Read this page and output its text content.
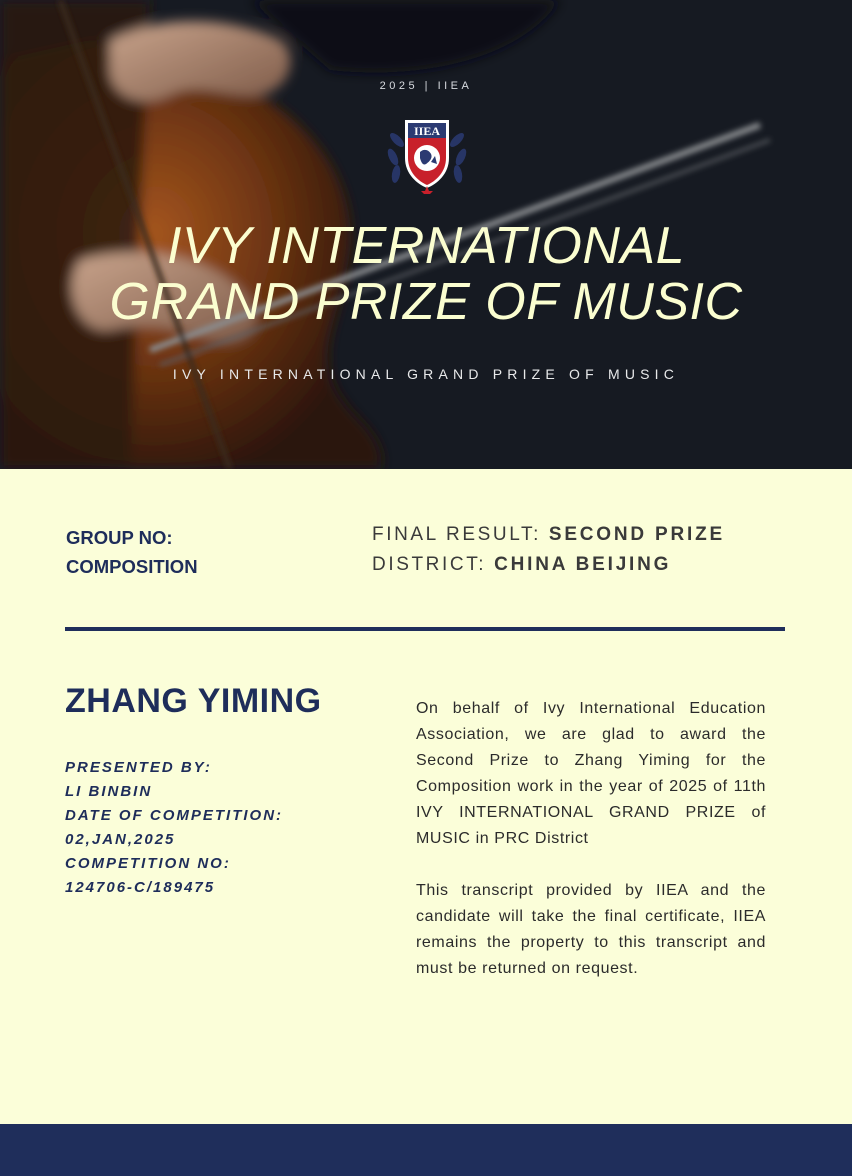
2025 | IIEA
IIEA
IVY INTERNATIONAL
GRAND PRIZE OF MUSIC
IVY INTERNATIONAL GRAND PRIZE OF MUSIC
GROUP NO:
COMPOSITION
FINAL RESULT: SECOND PRIZE
DISTRICT: CHINA BEIJING
ZHANG YIMING
PRESENTED BY:
LI BINBIN
DATE OF COMPETITION:
02,JAN,2025
COMPETITION NO:
124706-C/189475

On behalf of Ivy International Education Association, we are glad to award the Second Prize to Zhang Yiming for the Composition work in the year of 2025 of 11th IVY INTERNATIONAL GRAND PRIZE of MUSIC in PRC District

This transcript provided by IIEA and the candidate will take the final certificate, IIEA remains the property to this transcript and must be returned on request.
